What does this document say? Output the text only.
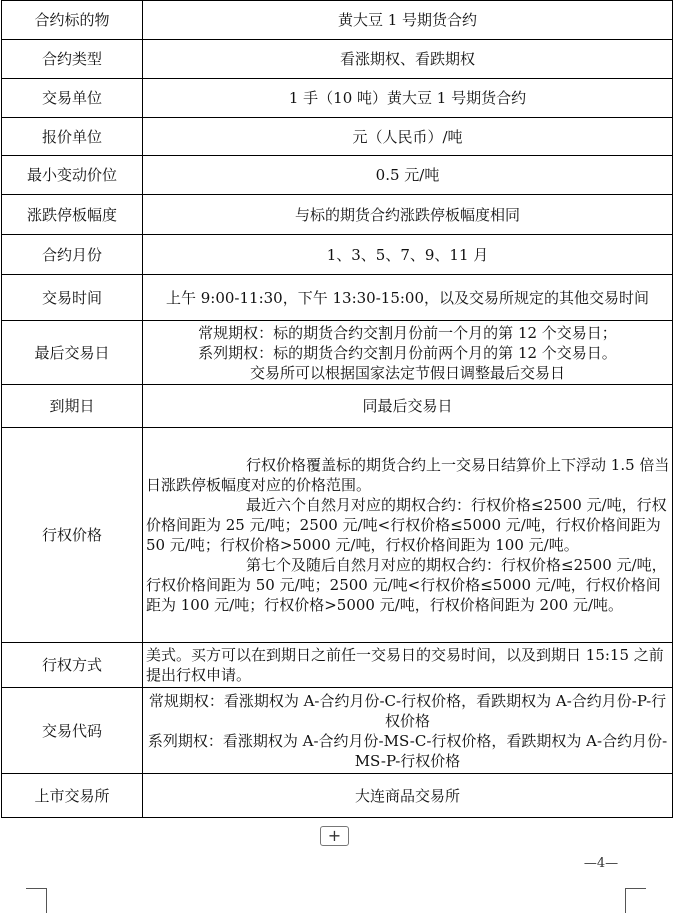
合约标的物	黄大豆 1 号期货合约
合约类型	看涨期权、看跌期权
交易单位	1 手（10 吨）黄大豆 1 号期货合约
报价单位	元（人民币）/吨
最小变动价位	0.5 元/吨
涨跌停板幅度	与标的期货合约涨跌停板幅度相同
合约月份	1、3、5、7、9、11 月
交易时间	上午 9:00-11:30，下午 13:30-15:00，以及交易所规定的其他交易时间
最后交易日	常规期权：标的期货合约交割月份前一个月的第 12 个交易日；
系列期权：标的期货合约交割月份前两个月的第 12 个交易日。
交易所可以根据国家法定节假日调整最后交易日

到期日	同最后交易日
行权价格	行权价格覆盖标的期货合约上一交易日结算价上下浮动 1.5 倍当日涨跌停板幅度对应的价格范围。
最近六个自然月对应的期权合约：行权价格≤2500 元/吨，行权价格间距为 25 元/吨；2500 元/吨<行权价格≤5000 元/吨，行权价格间距为 50 元/吨；行权价格>5000 元/吨，行权价格间距为 100 元/吨。
第七个及随后自然月对应的期权合约：行权价格≤2500 元/吨，行权价格间距为 50 元/吨；2500 元/吨<行权价格≤5000 元/吨，行权价格间距为 100 元/吨；行权价格>5000 元/吨，行权价格间距为 200 元/吨。

行权方式	美式。买方可以在到期日之前任一交易日的交易时间，以及到期日 15:15 之前提出行权申请。
交易代码	常规期权：看涨期权为 A-合约月份-C-行权价格，看跌期权为 A-合约月份-P-行权价格
系列期权：看涨期权为 A-合约月份-MS-C-行权价格，看跌期权为 A-合约月份-MS-P-行权价格

上市交易所	大连商品交易所
+
—4—
